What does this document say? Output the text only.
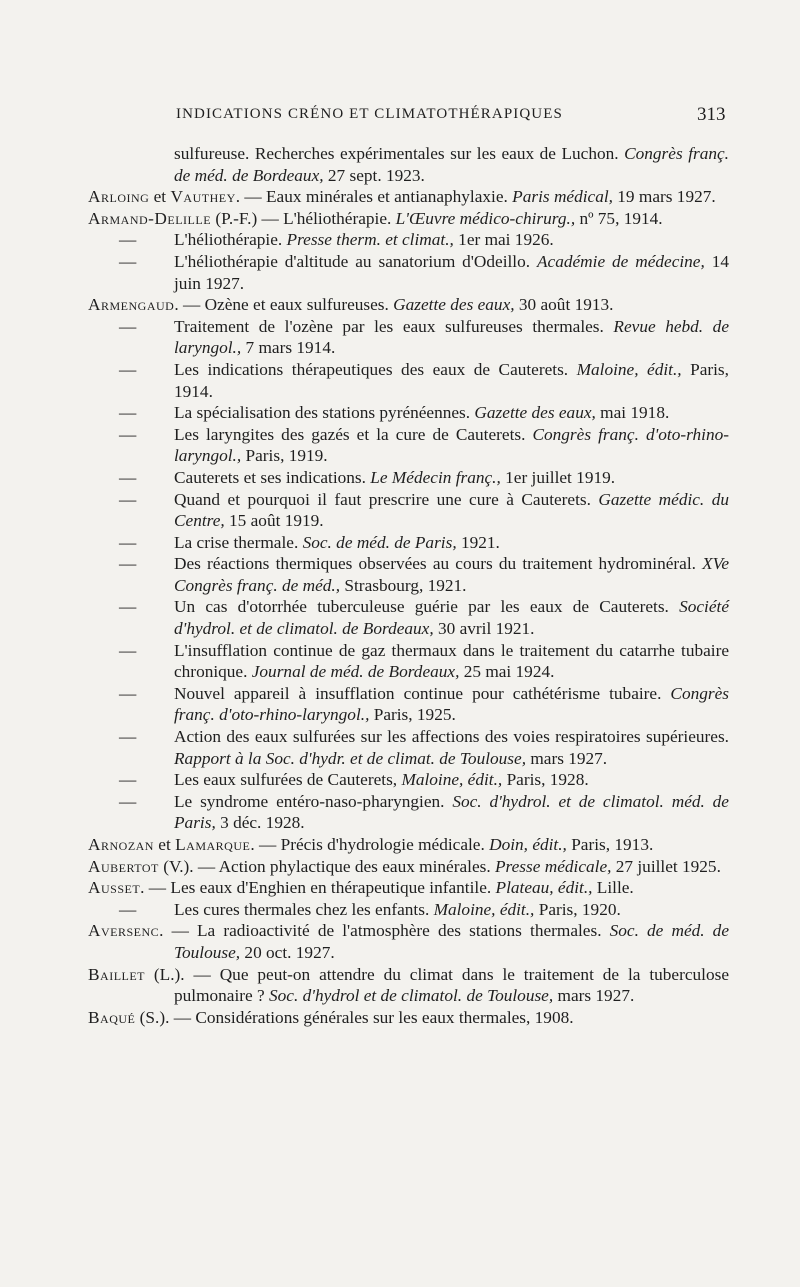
INDICATIONS CRÉNO ET CLIMATOTHÉRAPIQUES	313
sulfureuse. Recherches expérimentales sur les eaux de Luchon. Congrès franç. de méd. de Bordeaux, 27 sept. 1923.
Arloing et Vauthey. — Eaux minérales et antianaphylaxie. Paris médical, 19 mars 1927.
Armand-Delille (P.-F.) — L'héliothérapie. L'Œuvre médico-chirurg., nº 75, 1914.
— L'héliothérapie. Presse therm. et climat., 1er mai 1926.
— L'héliothérapie d'altitude au sanatorium d'Odeillo. Académie de médecine, 14 juin 1927.
Armengaud. — Ozène et eaux sulfureuses. Gazette des eaux, 30 août 1913.
— Traitement de l'ozène par les eaux sulfureuses thermales. Revue hebd. de laryngol., 7 mars 1914.
— Les indications thérapeutiques des eaux de Cauterets. Maloine, édit., Paris, 1914.
— La spécialisation des stations pyrénéennes. Gazette des eaux, mai 1918.
— Les laryngites des gazés et la cure de Cauterets. Congrès franç. d'oto-rhino-laryngol., Paris, 1919.
— Cauterets et ses indications. Le Médecin franç., 1er juillet 1919.
— Quand et pourquoi il faut prescrire une cure à Cauterets. Gazette médic. du Centre, 15 août 1919.
— La crise thermale. Soc. de méd. de Paris, 1921.
— Des réactions thermiques observées au cours du traitement hydrominéral. XVe Congrès franç. de méd., Strasbourg, 1921.
— Un cas d'otorrhée tuberculeuse guérie par les eaux de Cauterets. Société d'hydrol. et de climatol. de Bordeaux, 30 avril 1921.
— L'insufflation continue de gaz thermaux dans le traitement du catarrhe tubaire chronique. Journal de méd. de Bordeaux, 25 mai 1924.
— Nouvel appareil à insufflation continue pour cathétérisme tubaire. Congrès franç. d'oto-rhino-laryngol., Paris, 1925.
— Action des eaux sulfurées sur les affections des voies respiratoires supérieures. Rapport à la Soc. d'hydr. et de climat. de Toulouse, mars 1927.
— Les eaux sulfurées de Cauterets, Maloine, édit., Paris, 1928.
— Le syndrome entéro-naso-pharyngien. Soc. d'hydrol. et de climatol. méd. de Paris, 3 déc. 1928.
Arnozan et Lamarque. — Précis d'hydrologie médicale. Doin, édit., Paris, 1913.
Aubertot (V.). — Action phylactique des eaux minérales. Presse médicale, 27 juillet 1925.
Ausset. — Les eaux d'Enghien en thérapeutique infantile. Plateau, édit., Lille.
— Les cures thermales chez les enfants. Maloine, édit., Paris, 1920.
Aversenc. — La radioactivité de l'atmosphère des stations thermales. Soc. de méd. de Toulouse, 20 oct. 1927.
Baillet (L.). — Que peut-on attendre du climat dans le traitement de la tuberculose pulmonaire ? Soc. d'hydrol et de climatol. de Toulouse, mars 1927.
Baqué (S.). — Considérations générales sur les eaux thermales, 1908.
